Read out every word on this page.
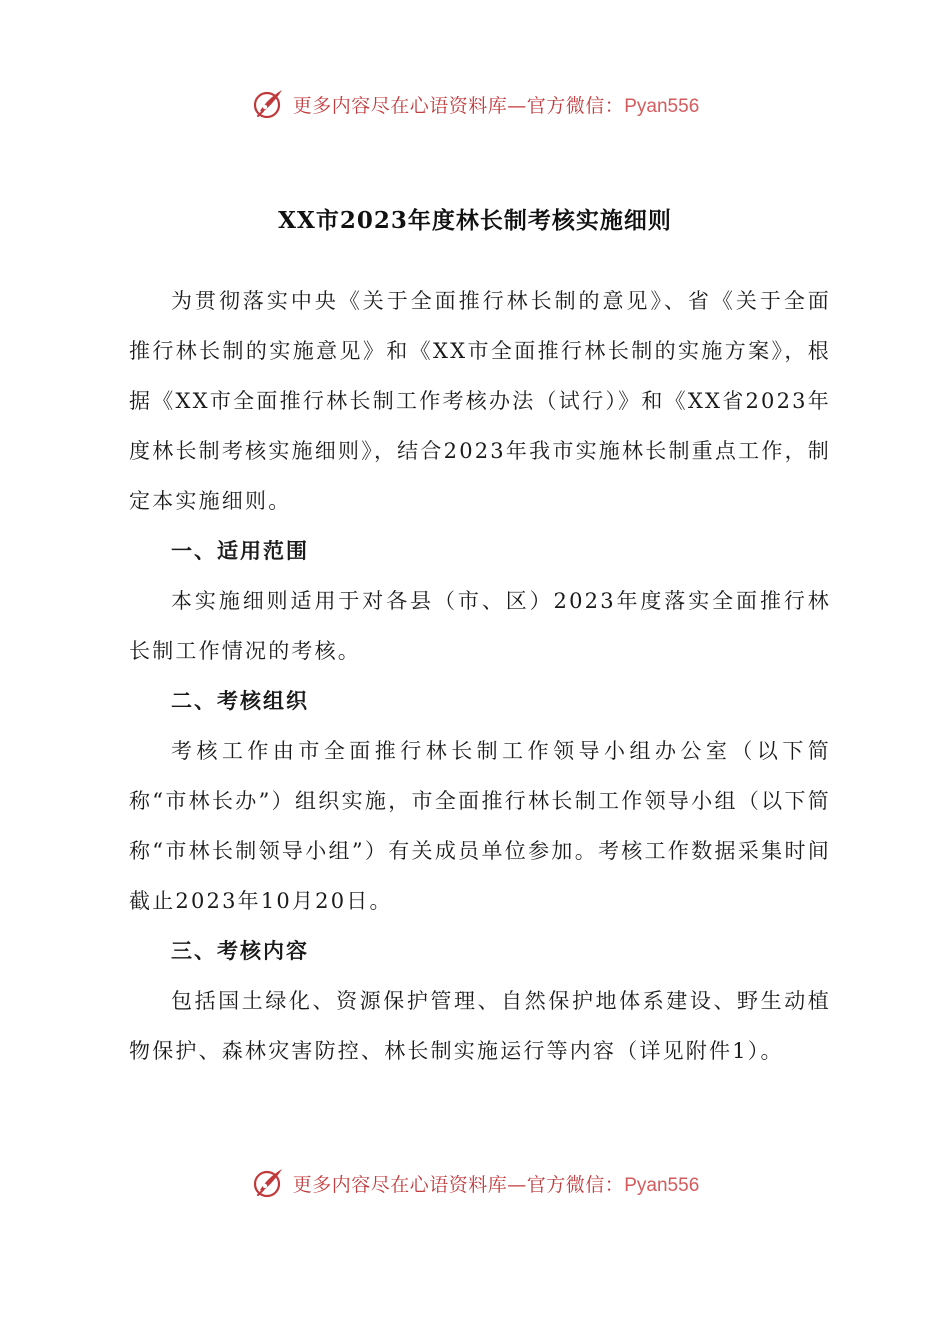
更多内容尽在心语资料库—官方微信：Pyan556
XX市2023年度林长制考核实施细则

为贯彻落实中央《关于全面推行林长制的意见》、省《关于全面推行林长制的实施意见》和《XX市全面推行林长制的实施方案》，根据《XX市全面推行林长制工作考核办法（试行）》和《XX省2023年度林长制考核实施细则》，结合2023年我市实施林长制重点工作，制定本实施细则。

一、适用范围

本实施细则适用于对各县（市、区）2023年度落实全面推行林长制工作情况的考核。

二、考核组织

考核工作由市全面推行林长制工作领导小组办公室（以下简称“市林长办”）组织实施，市全面推行林长制工作领导小组（以下简称“市林长制领导小组”）有关成员单位参加。考核工作数据采集时间截止2023年10月20日。

三、考核内容

包括国土绿化、资源保护管理、自然保护地体系建设、野生动植物保护、森林灾害防控、林长制实施运行等内容（详见附件1）。

更多内容尽在心语资料库—官方微信：Pyan556
